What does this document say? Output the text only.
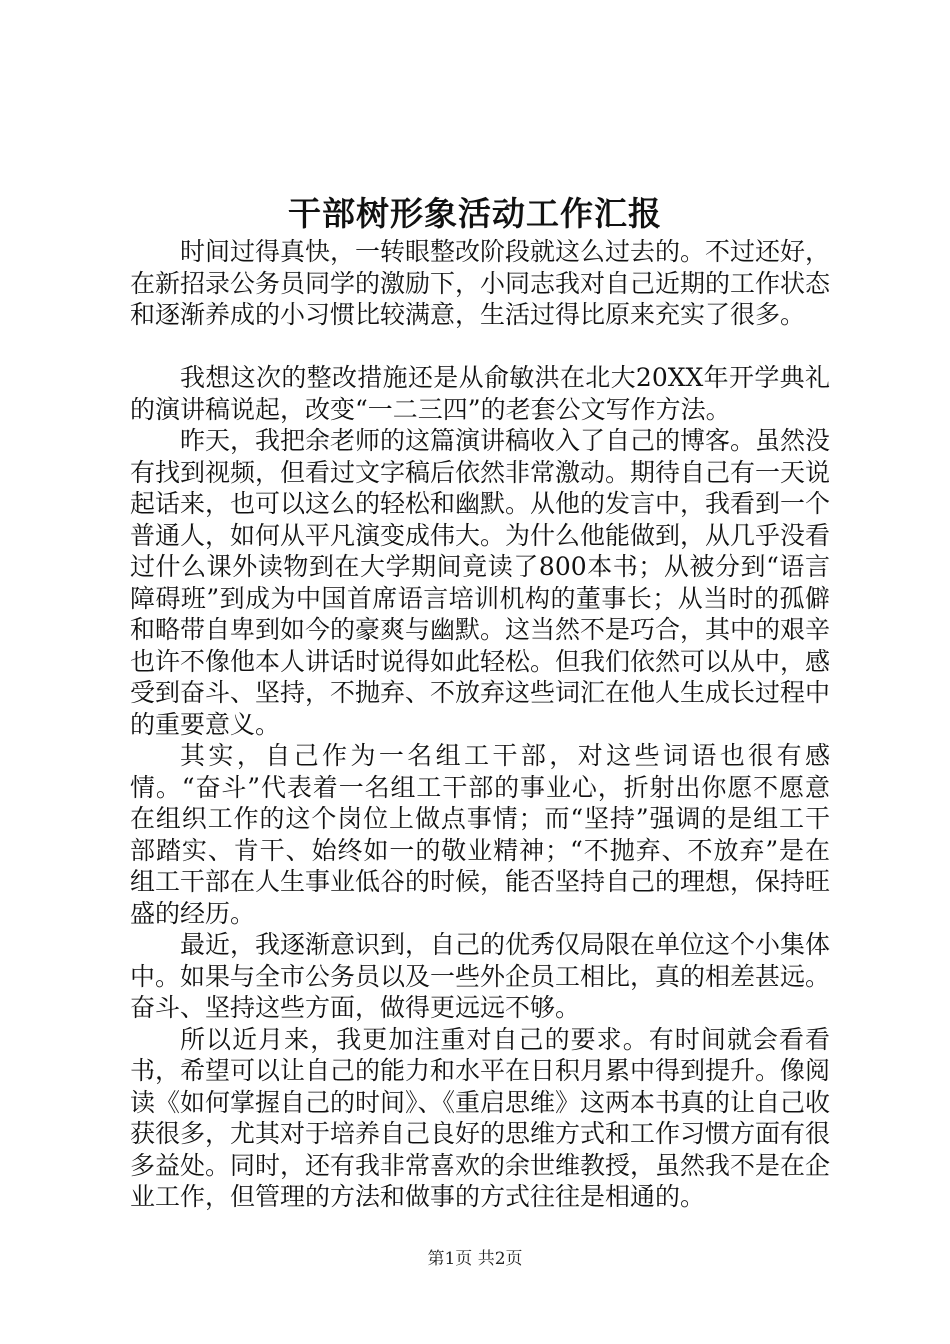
干部树形象活动工作汇报

时间过得真快，一转眼整改阶段就这么过去的。不过还好，在新招录公务员同学的激励下，小同志我对自己近期的工作状态和逐渐养成的小习惯比较满意，生活过得比原来充实了很多。

我想这次的整改措施还是从俞敏洪在北大20XX年开学典礼的演讲稿说起，改变“一二三四”的老套公文写作方法。

昨天，我把余老师的这篇演讲稿收入了自己的博客。虽然没有找到视频，但看过文字稿后依然非常激动。期待自己有一天说起话来，也可以这么的轻松和幽默。从他的发言中，我看到一个普通人，如何从平凡演变成伟大。为什么他能做到，从几乎没看过什么课外读物到在大学期间竟读了800本书；从被分到“语言障碍班”到成为中国首席语言培训机构的董事长；从当时的孤僻和略带自卑到如今的豪爽与幽默。这当然不是巧合，其中的艰辛也许不像他本人讲话时说得如此轻松。但我们依然可以从中，感受到奋斗、坚持，不抛弃、不放弃这些词汇在他人生成长过程中的重要意义。

其实，自己作为一名组工干部，对这些词语也很有感情。“奋斗”代表着一名组工干部的事业心，折射出你愿不愿意在组织工作的这个岗位上做点事情；而“坚持”强调的是组工干部踏实、肯干、始终如一的敬业精神；“不抛弃、不放弃”是在组工干部在人生事业低谷的时候，能否坚持自己的理想，保持旺盛的经历。

最近，我逐渐意识到，自己的优秀仅局限在单位这个小集体中。如果与全市公务员以及一些外企员工相比，真的相差甚远。奋斗、坚持这些方面，做得更远远不够。

所以近月来，我更加注重对自己的要求。有时间就会看看书，希望可以让自己的能力和水平在日积月累中得到提升。像阅读《如何掌握自己的时间》、《重启思维》这两本书真的让自己收获很多，尤其对于培养自己良好的思维方式和工作习惯方面有很多益处。同时，还有我非常喜欢的余世维教授，虽然我不是在企业工作，但管理的方法和做事的方式往往是相通的。

第1页 共2页
